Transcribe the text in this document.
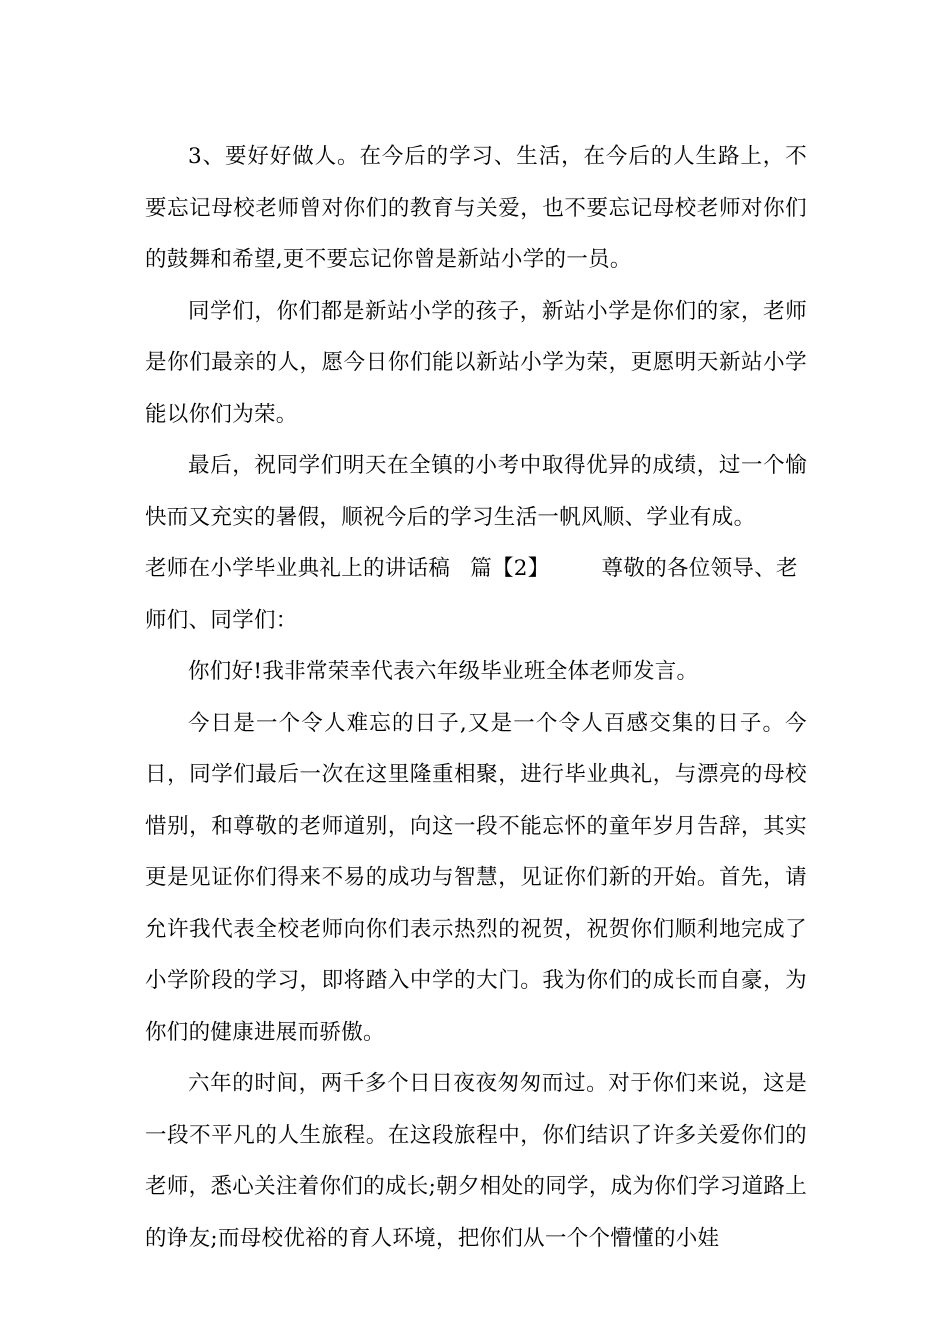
3、要好好做人。在今后的学习、生活，在今后的人生路上，不要忘记母校老师曾对你们的教育与关爱，也不要忘记母校老师对你们的鼓舞和希望,更不要忘记你曾是新站小学的一员。

同学们，你们都是新站小学的孩子，新站小学是你们的家，老师是你们最亲的人，愿今日你们能以新站小学为荣，更愿明天新站小学能以你们为荣。

最后，祝同学们明天在全镇的小考中取得优异的成绩，过一个愉快而又充实的暑假，顺祝今后的学习生活一帆风顺、学业有成。

老师在小学毕业典礼上的讲话稿 篇【2】 尊敬的各位领导、老

师们、同学们：

你们好!我非常荣幸代表六年级毕业班全体老师发言。

今日是一个令人难忘的日子,又是一个令人百感交集的日子。今日，同学们最后一次在这里隆重相聚，进行毕业典礼，与漂亮的母校惜别，和尊敬的老师道别，向这一段不能忘怀的童年岁月告辞，其实更是见证你们得来不易的成功与智慧，见证你们新的开始。首先，请允许我代表全校老师向你们表示热烈的祝贺，祝贺你们顺利地完成了小学阶段的学习，即将踏入中学的大门。我为你们的成长而自豪，为你们的健康进展而骄傲。

六年的时间，两千多个日日夜夜匆匆而过。对于你们来说，这是一段不平凡的人生旅程。在这段旅程中，你们结识了许多关爱你们的老师，悉心关注着你们的成长;朝夕相处的同学，成为你们学习道路上的诤友;而母校优裕的育人环境，把你们从一个个懵懂的小娃
